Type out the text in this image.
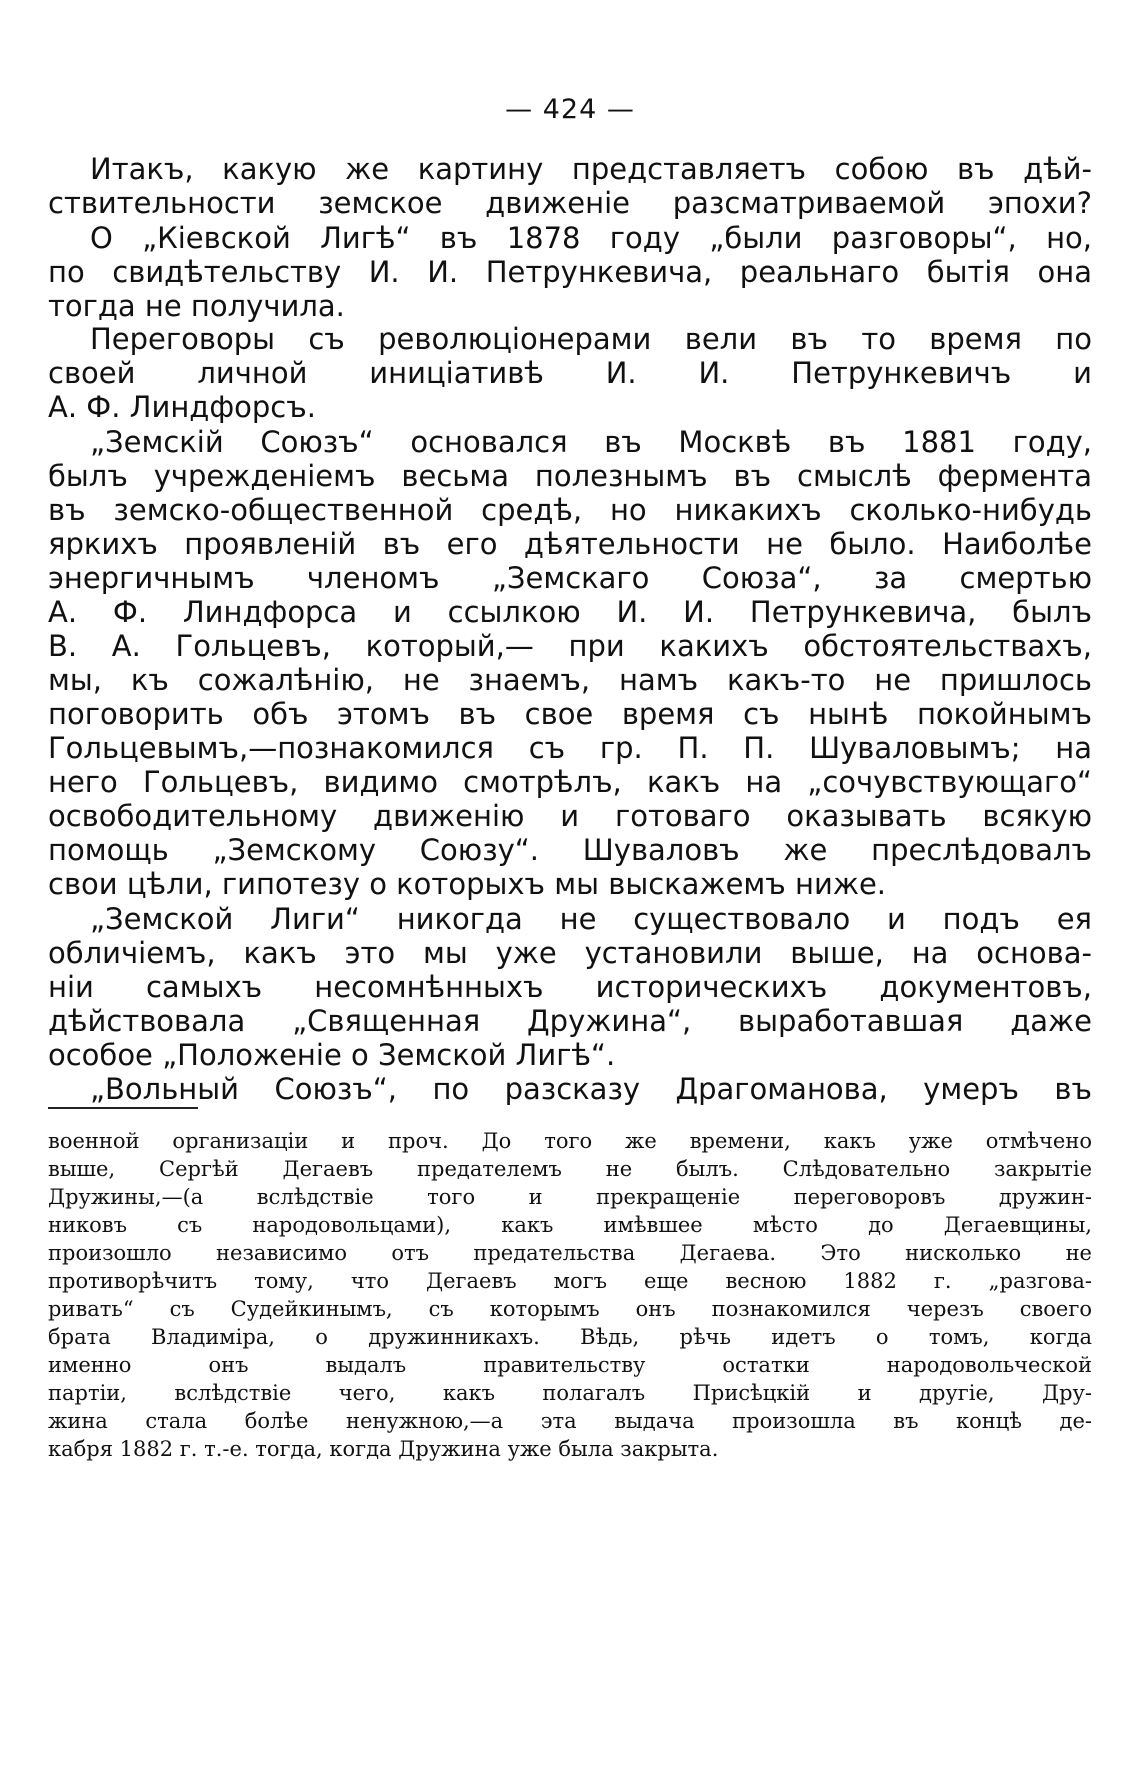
— 424 —
Итакъ, какую же картину представляетъ собою въ дѣй-
ствительности земское движеніе разсматриваемой эпохи?
О „Кіевской Лигѣ“ въ 1878 году „были разговоры“, но,
по свидѣтельству И. И. Петрункевича, реальнаго бытія она
тогда не получила.
Переговоры съ революціонерами вели въ то время по
своей личной иниціативѣ И. И. Петрункевичъ и
А. Ф. Линдфорсъ.
„Земскій Союзъ“ основался въ Москвѣ въ 1881 году,
былъ учрежденіемъ весьма полезнымъ въ смыслѣ фермента
въ земско-общественной средѣ, но никакихъ сколько-нибудь
яркихъ проявленій въ его дѣятельности не было. Наиболѣе
энергичнымъ членомъ „Земскаго Союза“, за смертью
А. Ф. Линдфорса и ссылкою И. И. Петрункевича, былъ
В. А. Гольцевъ, который,— при какихъ обстоятельствахъ,
мы, къ сожалѣнію, не знаемъ, намъ какъ-то не пришлось
поговорить объ этомъ въ свое время съ нынѣ покойнымъ
Гольцевымъ,—познакомился съ гр. П. П. Шуваловымъ; на
него Гольцевъ, видимо смотрѣлъ, какъ на „сочувствующаго“
освободительному движенію и готоваго оказывать всякую
помощь „Земскому Союзу“. Шуваловъ же преслѣдовалъ
свои цѣли, гипотезу о которыхъ мы выскажемъ ниже.
„Земской Лиги“ никогда не существовало и подъ ея
обличіемъ, какъ это мы уже установили выше, на основа-
ніи самыхъ несомнѣнныхъ историческихъ документовъ,
дѣйствовала „Священная Дружина“, выработавшая даже
особое „Положеніе о Земской Лигѣ“.
„Вольный Союзъ“, по разсказу Драгоманова, умеръ въ
военной организаціи и проч. До того же времени, какъ уже отмѣчено
выше, Сергѣй Дегаевъ предателемъ не былъ. Слѣдовательно закрытіе
Дружины,—(а вслѣдствіе того и прекращеніе переговоровъ дружин-
никовъ съ народовольцами), какъ имѣвшее мѣсто до Дегаевщины,
произошло независимо отъ предательства Дегаева. Это нисколько не
противорѣчитъ тому, что Дегаевъ могъ еще весною 1882 г. „разгова-
ривать“ съ Судейкинымъ, съ которымъ онъ познакомился черезъ своего
брата Владиміра, о дружинникахъ. Вѣдь, рѣчь идетъ о томъ, когда
именно онъ выдалъ правительству остатки народовольческой
партіи, вслѣдствіе чего, какъ полагалъ Присѣцкій и другіе, Дру-
жина стала болѣе ненужною,—а эта выдача произошла въ концѣ де-
кабря 1882 г. т.-е. тогда, когда Дружина уже была закрыта.
